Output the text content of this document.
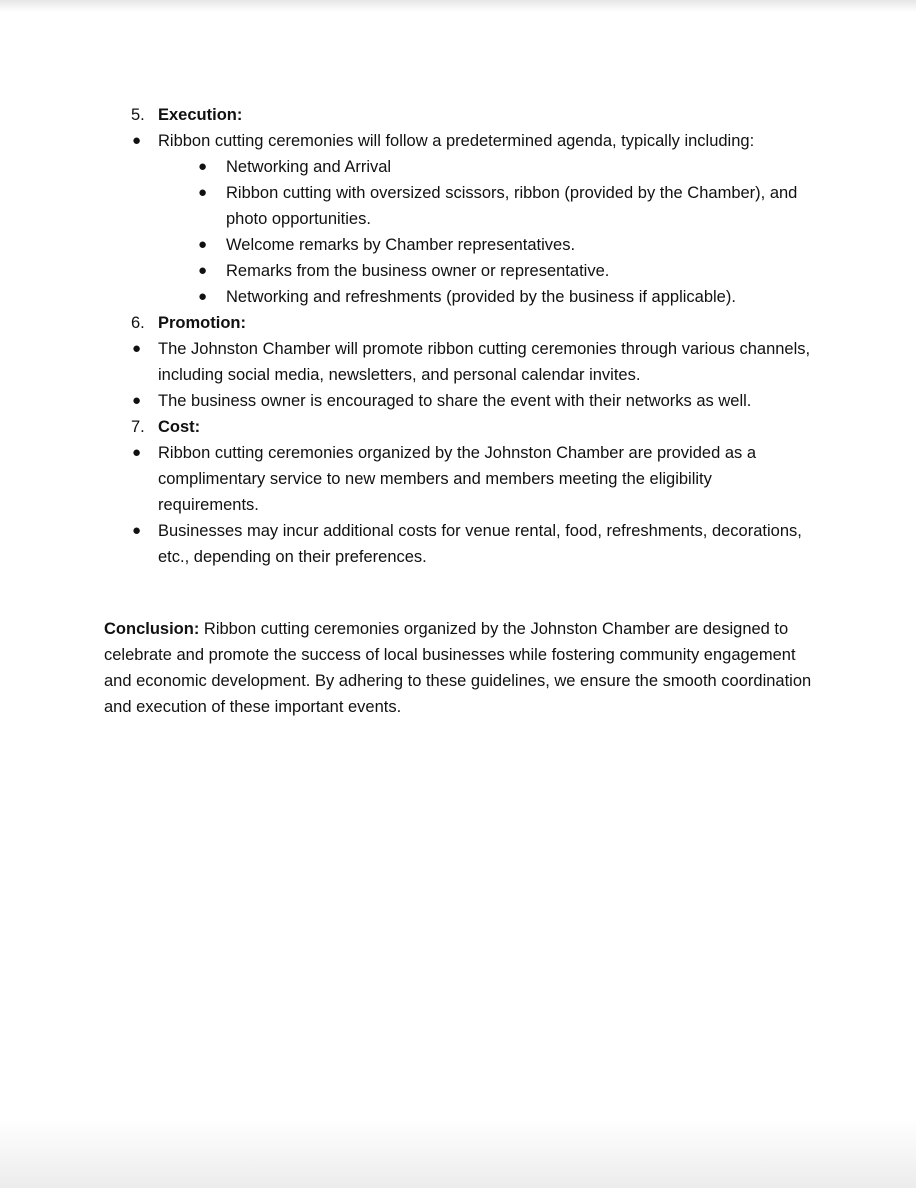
5. Execution:
● Ribbon cutting ceremonies will follow a predetermined agenda, typically including:
● Networking and Arrival
● Ribbon cutting with oversized scissors, ribbon (provided by the Chamber), and photo opportunities.
● Welcome remarks by Chamber representatives.
● Remarks from the business owner or representative.
● Networking and refreshments (provided by the business if applicable).
6. Promotion:
● The Johnston Chamber will promote ribbon cutting ceremonies through various channels, including social media, newsletters, and personal calendar invites.
● The business owner is encouraged to share the event with their networks as well.
7. Cost:
● Ribbon cutting ceremonies organized by the Johnston Chamber are provided as a complimentary service to new members and members meeting the eligibility requirements.
● Businesses may incur additional costs for venue rental, food, refreshments, decorations, etc., depending on their preferences.

Conclusion: Ribbon cutting ceremonies organized by the Johnston Chamber are designed to celebrate and promote the success of local businesses while fostering community engagement and economic development. By adhering to these guidelines, we ensure the smooth coordination and execution of these important events.
